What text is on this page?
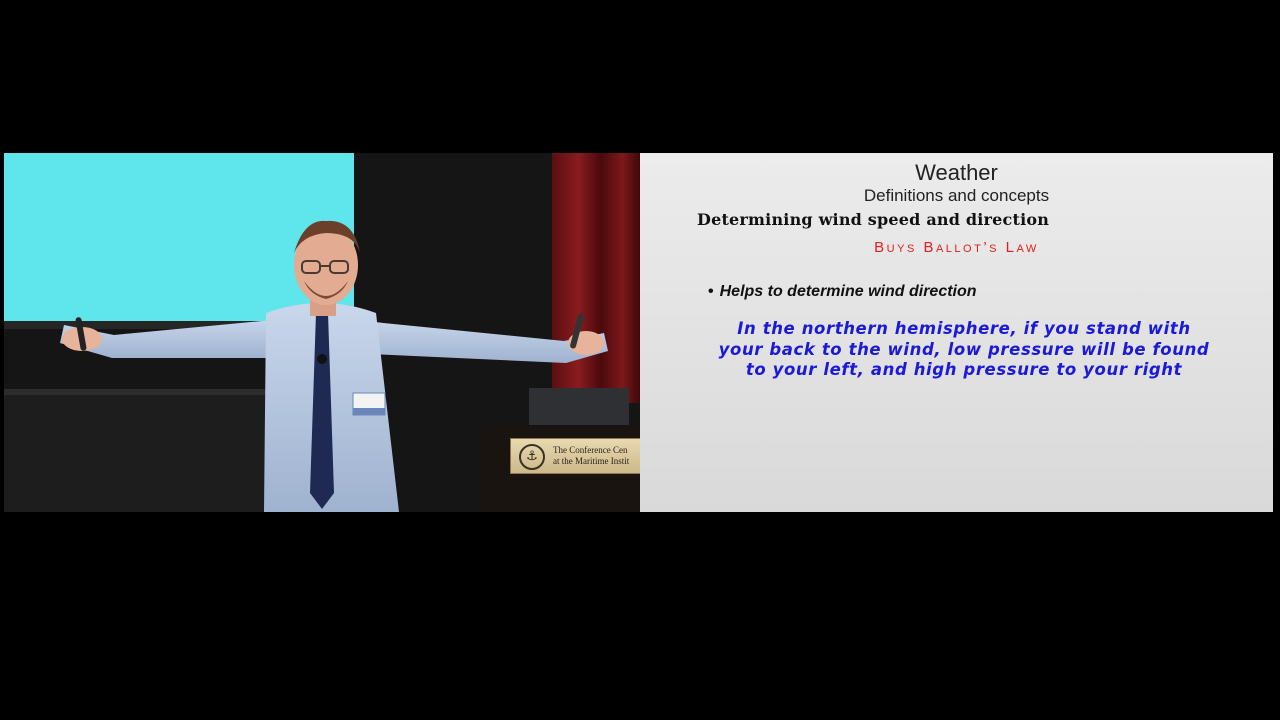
⚓	The Conference Cen
at the Maritime Instit
Weather
Definitions and concepts
Determining wind speed and direction
Buys Ballot’s Law
• Helps to determine wind direction
In the northern hemisphere, if you stand with your back to the wind, low pressure will be found to your left, and high pressure to your right
